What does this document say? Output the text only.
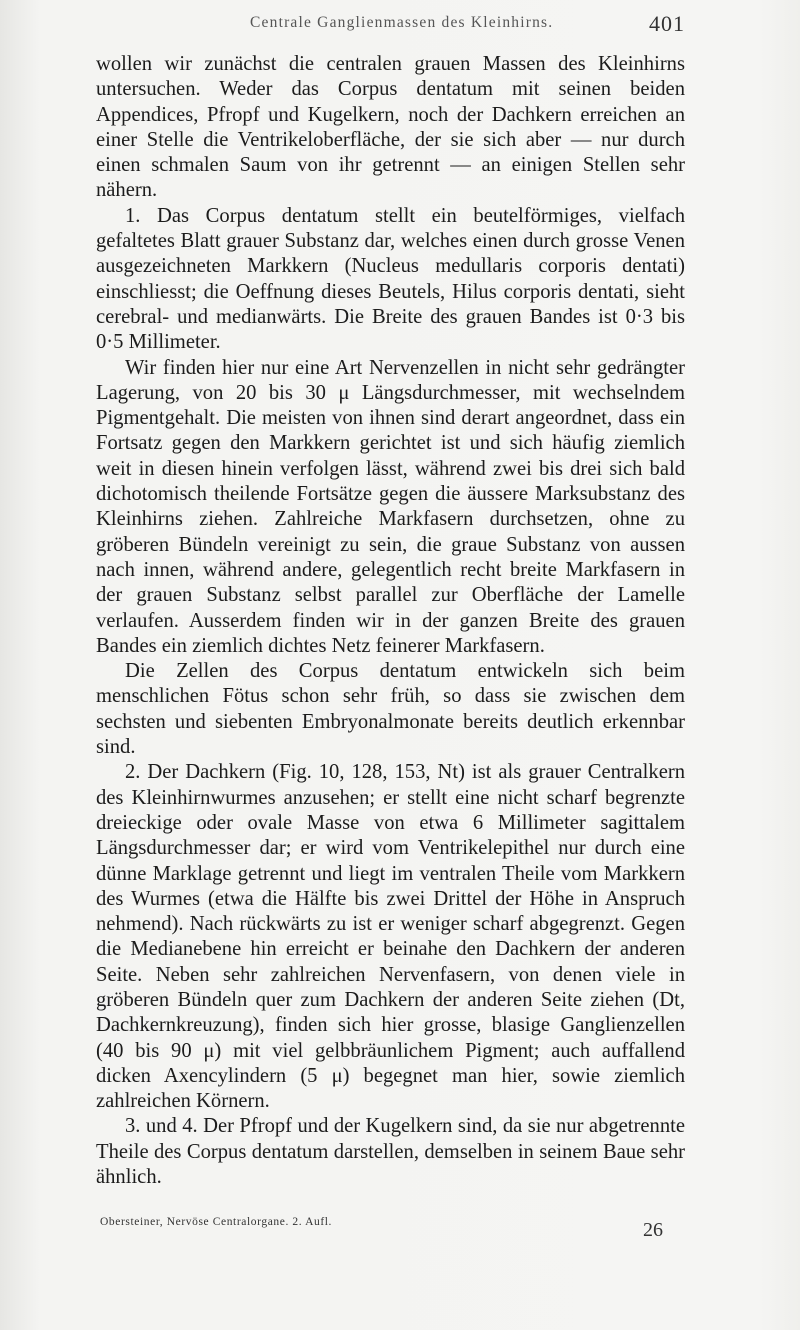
Centrale Ganglienmassen des Kleinhirns.	401

wollen wir zunächst die centralen grauen Massen des Kleinhirns untersuchen. Weder das Corpus dentatum mit seinen beiden Appendices, Pfropf und Kugelkern, noch der Dachkern erreichen an einer Stelle die Ventrikeloberfläche, der sie sich aber — nur durch einen schmalen Saum von ihr getrennt — an einigen Stellen sehr nähern.

1. Das Corpus dentatum stellt ein beutelförmiges, vielfach gefaltetes Blatt grauer Substanz dar, welches einen durch grosse Venen ausgezeichneten Markkern (Nucleus medullaris corporis dentati) einschliesst; die Oeffnung dieses Beutels, Hilus corporis dentati, sieht cerebral- und medianwärts. Die Breite des grauen Bandes ist 0·3 bis 0·5 Millimeter.

Wir finden hier nur eine Art Nervenzellen in nicht sehr gedrängter Lagerung, von 20 bis 30 μ Längsdurchmesser, mit wechselndem Pigmentgehalt. Die meisten von ihnen sind derart angeordnet, dass ein Fortsatz gegen den Markkern gerichtet ist und sich häufig ziemlich weit in diesen hinein verfolgen lässt, während zwei bis drei sich bald dichotomisch theilende Fortsätze gegen die äussere Marksubstanz des Kleinhirns ziehen. Zahlreiche Markfasern durchsetzen, ohne zu gröberen Bündeln vereinigt zu sein, die graue Substanz von aussen nach innen, während andere, gelegentlich recht breite Markfasern in der grauen Substanz selbst parallel zur Oberfläche der Lamelle verlaufen. Ausserdem finden wir in der ganzen Breite des grauen Bandes ein ziemlich dichtes Netz feinerer Markfasern.

Die Zellen des Corpus dentatum entwickeln sich beim menschlichen Fötus schon sehr früh, so dass sie zwischen dem sechsten und siebenten Embryonalmonate bereits deutlich erkennbar sind.

2. Der Dachkern (Fig. 10, 128, 153, Nt) ist als grauer Centralkern des Kleinhirnwurmes anzusehen; er stellt eine nicht scharf begrenzte dreieckige oder ovale Masse von etwa 6 Millimeter sagittalem Längsdurchmesser dar; er wird vom Ventrikelepithel nur durch eine dünne Marklage getrennt und liegt im ventralen Theile vom Markkern des Wurmes (etwa die Hälfte bis zwei Drittel der Höhe in Anspruch nehmend). Nach rückwärts zu ist er weniger scharf abgegrenzt. Gegen die Medianebene hin erreicht er beinahe den Dachkern der anderen Seite. Neben sehr zahlreichen Nervenfasern, von denen viele in gröberen Bündeln quer zum Dachkern der anderen Seite ziehen (Dt, Dachkernkreuzung), finden sich hier grosse, blasige Ganglienzellen (40 bis 90 μ) mit viel gelbbräunlichem Pigment; auch auffallend dicken Axencylindern (5 μ) begegnet man hier, sowie ziemlich zahlreichen Körnern.

3. und 4. Der Pfropf und der Kugelkern sind, da sie nur abgetrennte Theile des Corpus dentatum darstellen, demselben in seinem Baue sehr ähnlich.

Obersteiner, Nervöse Centralorgane. 2. Aufl.	26
